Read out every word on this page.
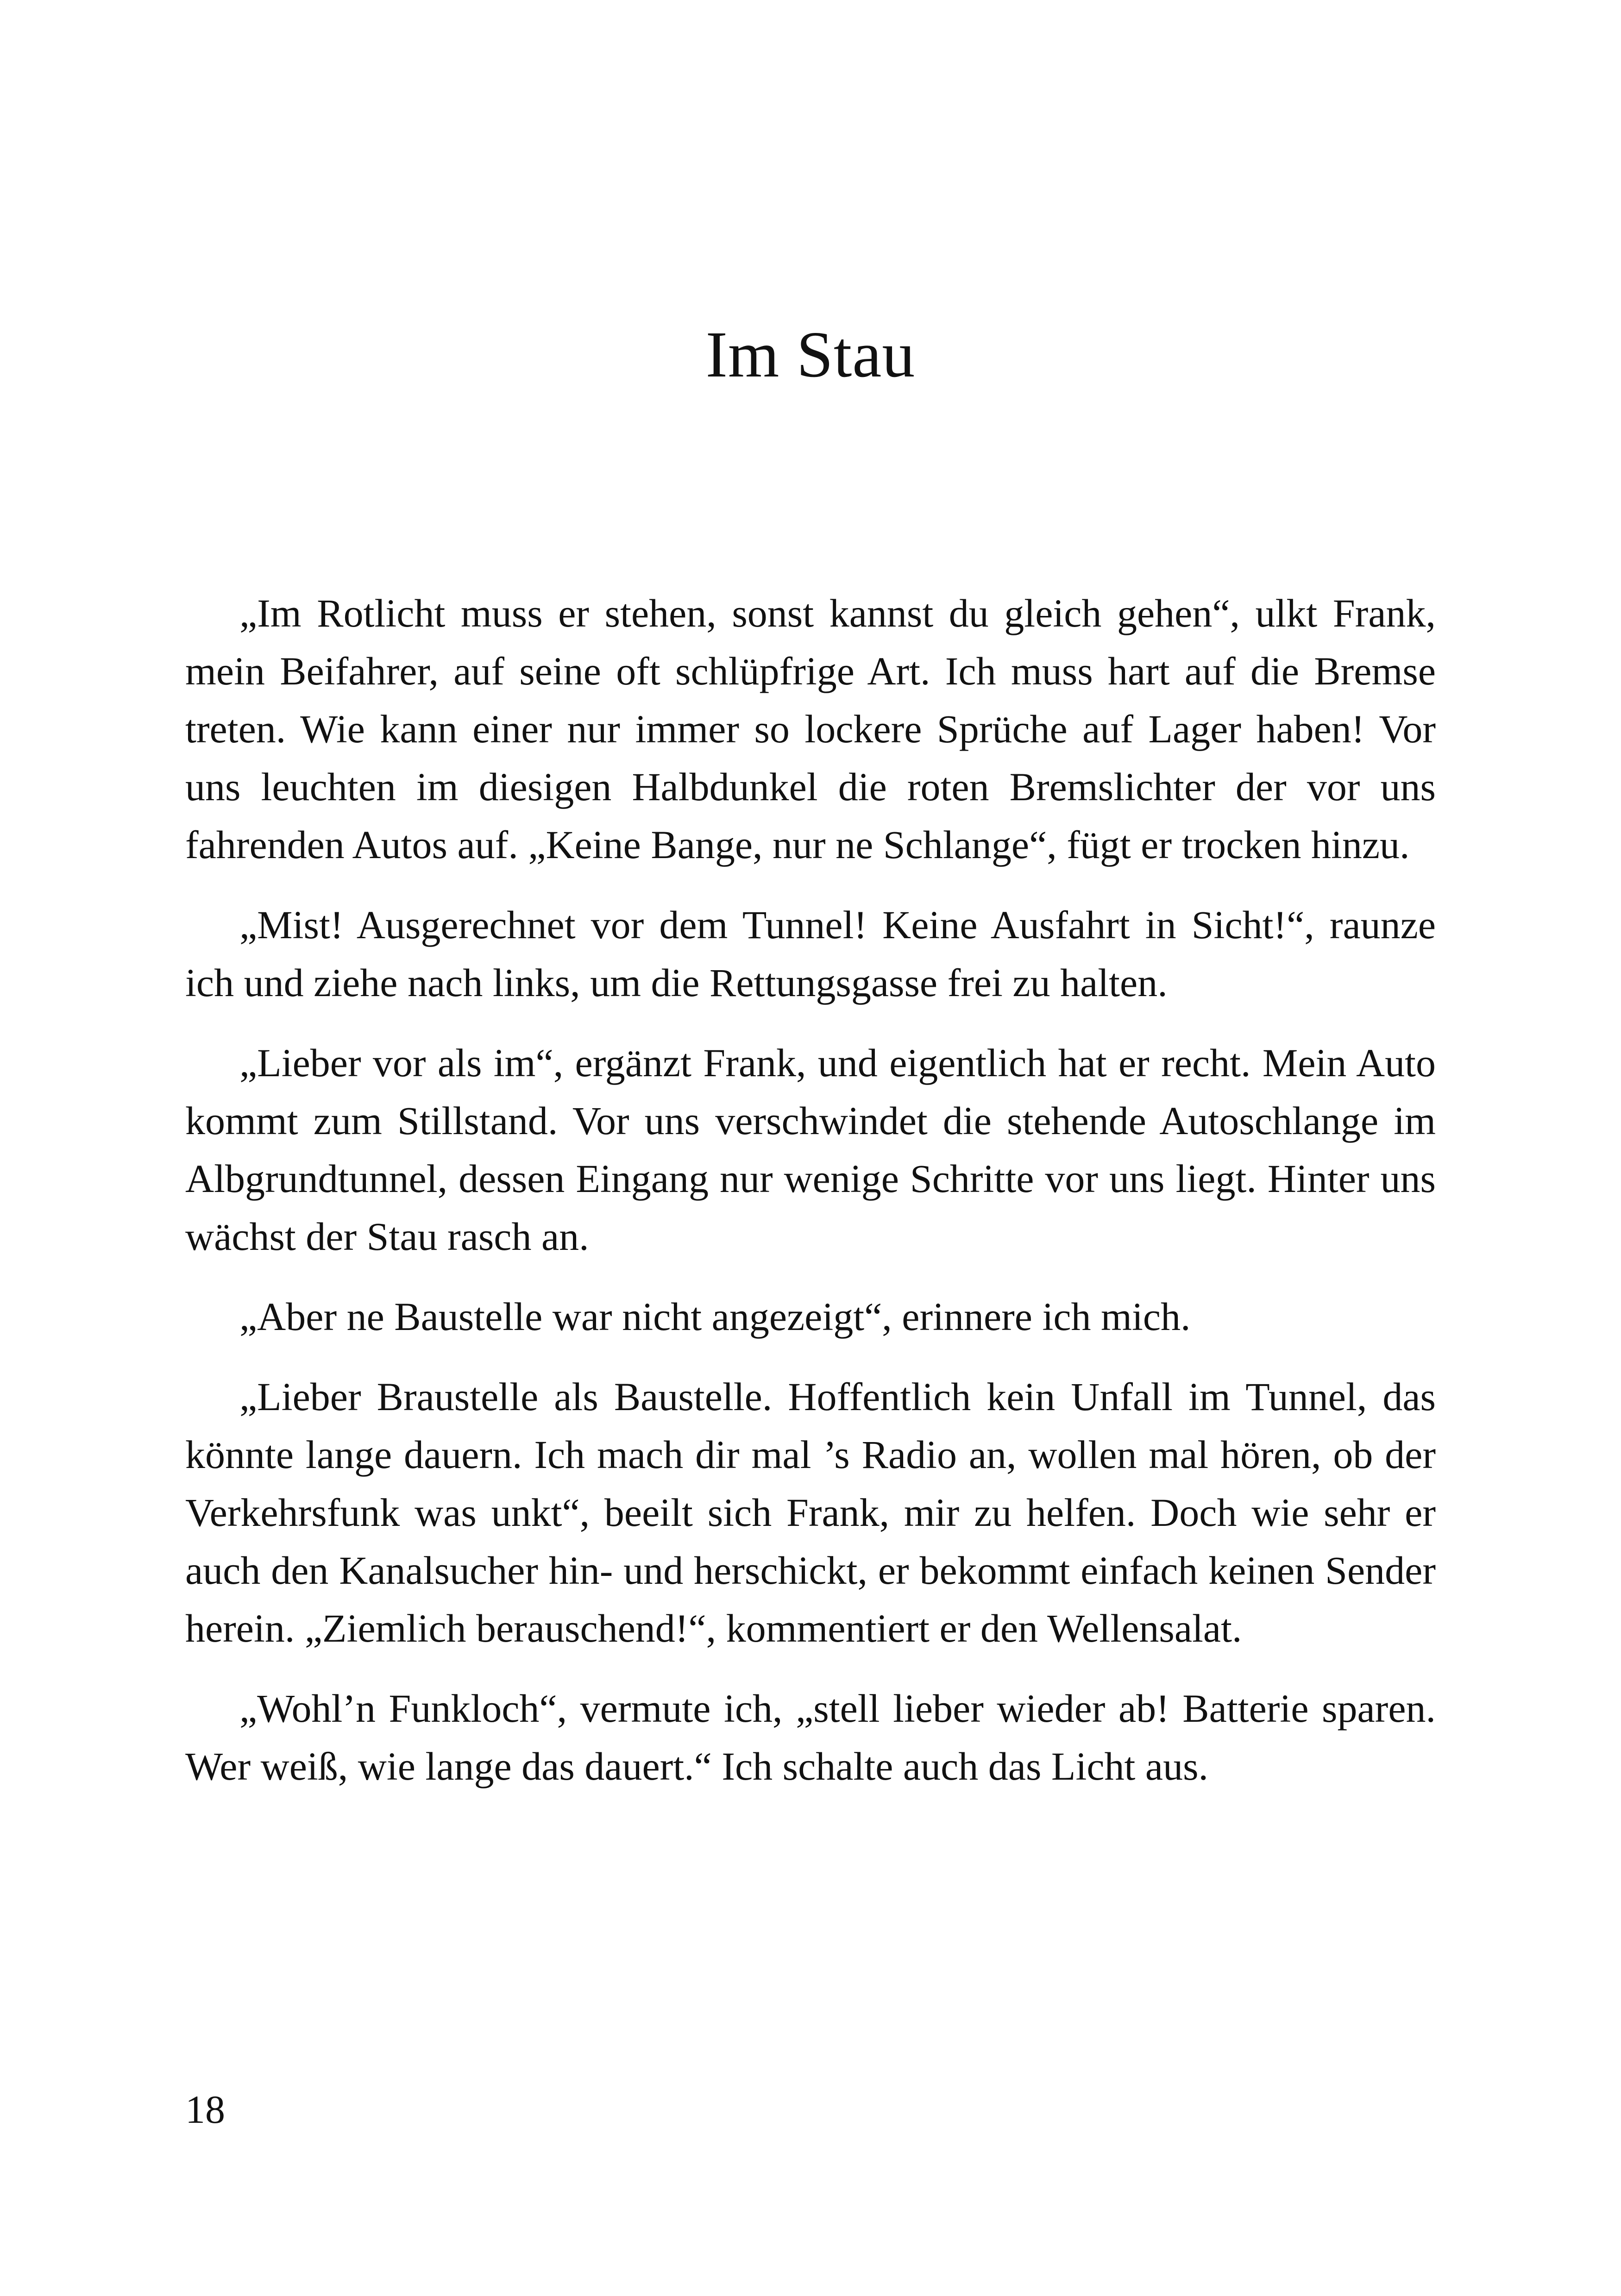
Im Stau

„Im Rotlicht muss er stehen, sonst kannst du gleich gehen“, ulkt Frank, mein Beifahrer, auf seine oft schlüpfrige Art. Ich muss hart auf die Bremse treten. Wie kann einer nur immer so lockere Sprüche auf Lager haben! Vor uns leuchten im diesigen Halbdunkel die roten Bremslichter der vor uns fahrenden Autos auf. „Keine Bange, nur ne Schlange“, fügt er trocken hinzu.

„Mist! Ausgerechnet vor dem Tunnel! Keine Ausfahrt in Sicht!“, raunze ich und ziehe nach links, um die Rettungsgasse frei zu halten.

„Lieber vor als im“, ergänzt Frank, und eigentlich hat er recht. Mein Auto kommt zum Stillstand. Vor uns verschwindet die stehende Autoschlange im Albgrundtunnel, dessen Eingang nur wenige Schritte vor uns liegt. Hinter uns wächst der Stau rasch an.

„Aber ne Baustelle war nicht angezeigt“, erinnere ich mich.

„Lieber Braustelle als Baustelle. Hoffentlich kein Unfall im Tunnel, das könnte lange dauern. Ich mach dir mal ’s Radio an, wollen mal hören, ob der Verkehrsfunk was unkt“, beeilt sich Frank, mir zu helfen. Doch wie sehr er auch den Kanalsucher hin- und herschickt, er bekommt einfach keinen Sender herein. „Ziemlich berauschend!“, kommentiert er den Wellensalat.

„Wohl’n Funkloch“, vermute ich, „stell lieber wieder ab! Batterie sparen. Wer weiß, wie lange das dauert.“ Ich schalte auch das Licht aus.

18
